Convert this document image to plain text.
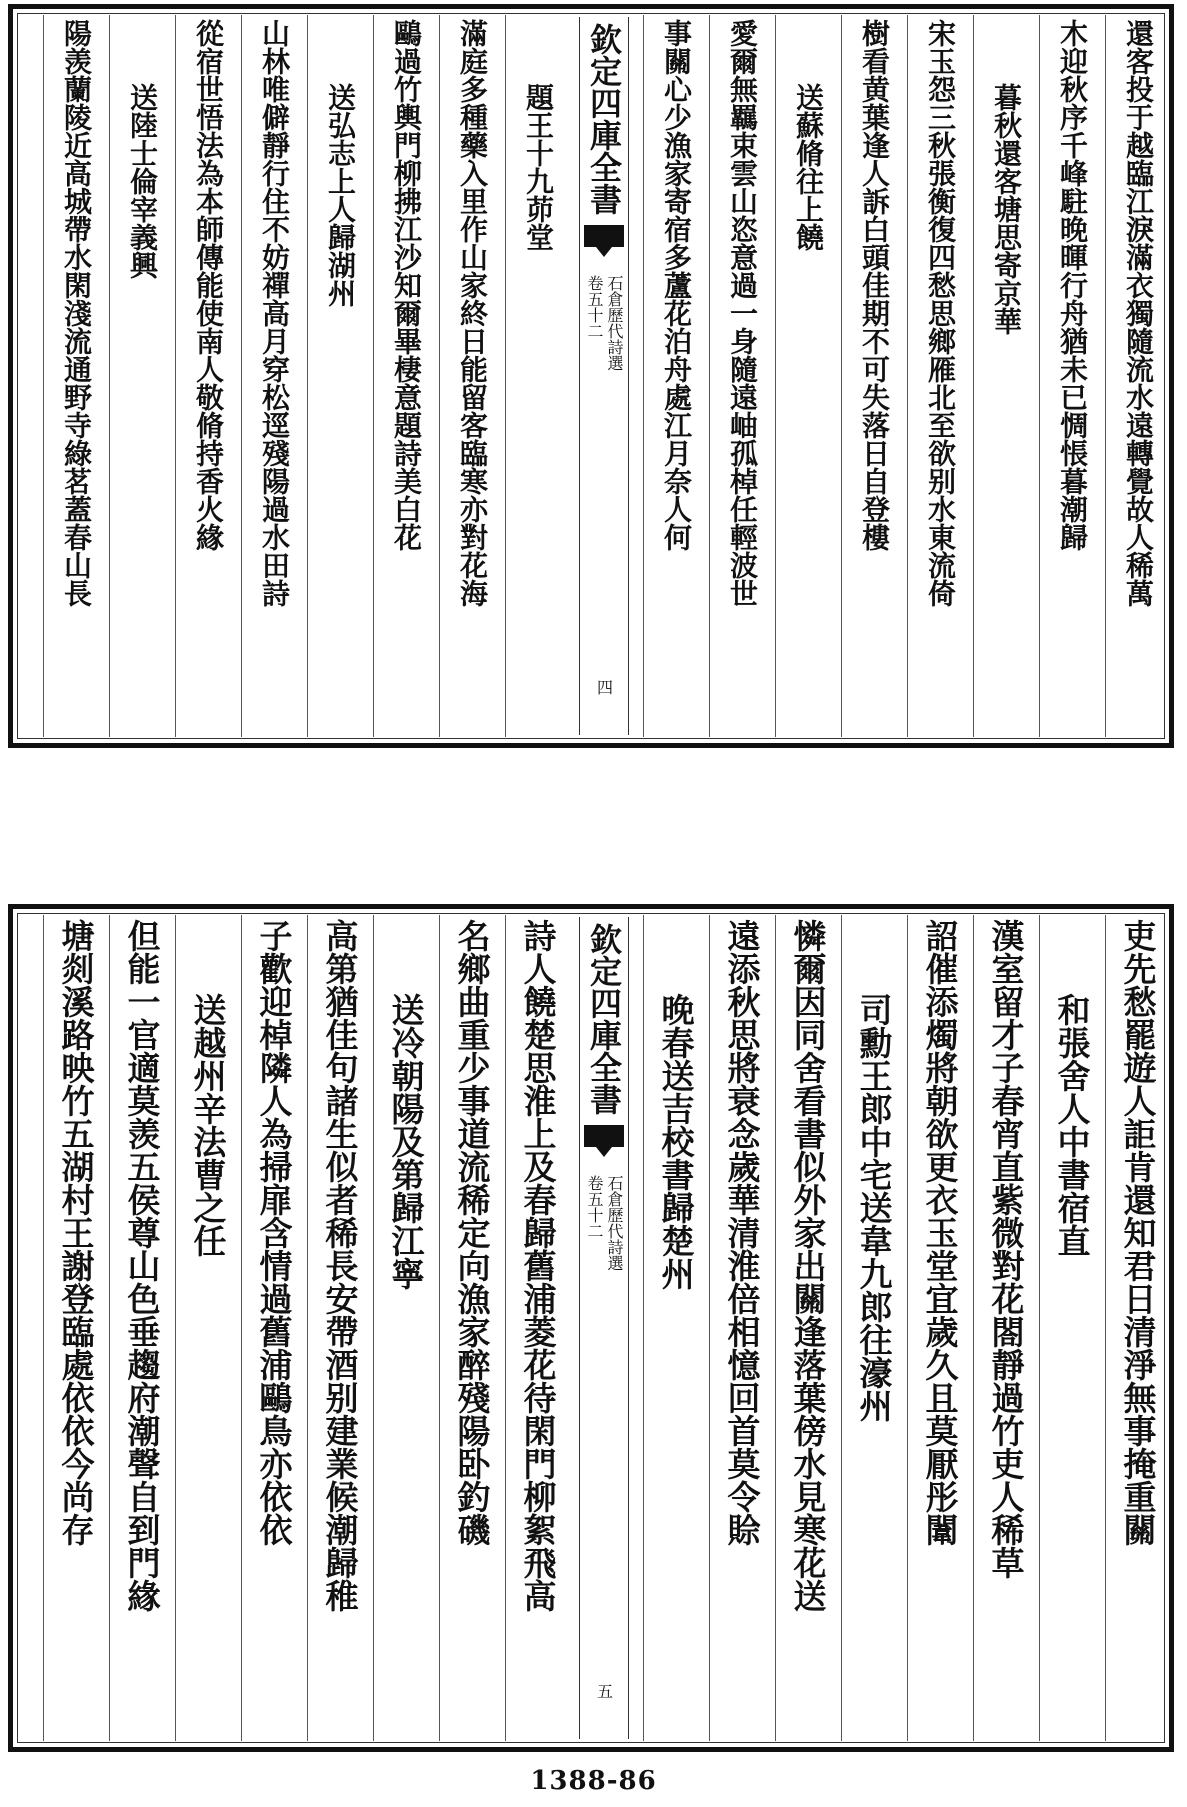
還客投于越臨江淚滿衣獨隨流水遠轉覺故人稀萬
木迎秋序千峰駐晚暉行舟猶未已惆悵暮潮歸
暮秋還客塘思寄京華
宋玉怨三秋張衡復四愁思鄉雁北至欲别水東流倚
樹看黄葉逢人訴白頭佳期不可失落日自登樓
送蘇脩往上饒
愛爾無羈束雲山恣意過一身隨遠岫孤棹任輕波世
事關心少漁家寄宿多蘆花泊舟處江月奈人何
題王十九茆堂
滿庭多種藥入里作山家終日能留客臨寒亦對花海
鷗過竹輿門柳拂江沙知爾畢棲意題詩美白花
送弘志上人歸湖州
山林唯僻靜行住不妨禪高月穿松逕殘陽過水田詩
從宿世悟法為本師傳能使南人敬脩持香火緣
送陸士倫宰義興
陽羡蘭陵近高城帶水閑淺流通野寺綠茗蓋春山長	欽定四庫全書
石倉歷代詩選
卷五十二
四
吏先愁罷遊人詎肯還知君日清淨無事掩重關
和張舍人中書宿直
漢室留才子春宵直紫微對花閤靜過竹吏人稀草
詔催添燭將朝欲更衣玉堂宜歲久且莫厭彤闈
司勳王郎中宅送韋九郎往濠州
憐爾因同舍看書似外家出關逢落葉傍水見寒花送
遠添秋思將衰念歲華清淮倍相憶回首莫令賒
晚春送吉校書歸楚州
詩人饒楚思淮上及春歸舊浦菱花待閑門柳絮飛高
名鄉曲重少事道流稀定向漁家醉殘陽卧釣磯
送冷朝陽及第歸江寧
高第猶佳句諸生似者稀長安帶酒别建業候潮歸稚
子歡迎棹隣人為掃扉含情過舊浦鷗鳥亦依依
送越州辛法曹之任
但能一官適莫羡五侯尊山色垂趨府潮聲自到門緣
塘剡溪路映竹五湖村王謝登臨處依依今尚存	欽定四庫全書
石倉歷代詩選
卷五十二
五
1388-86
